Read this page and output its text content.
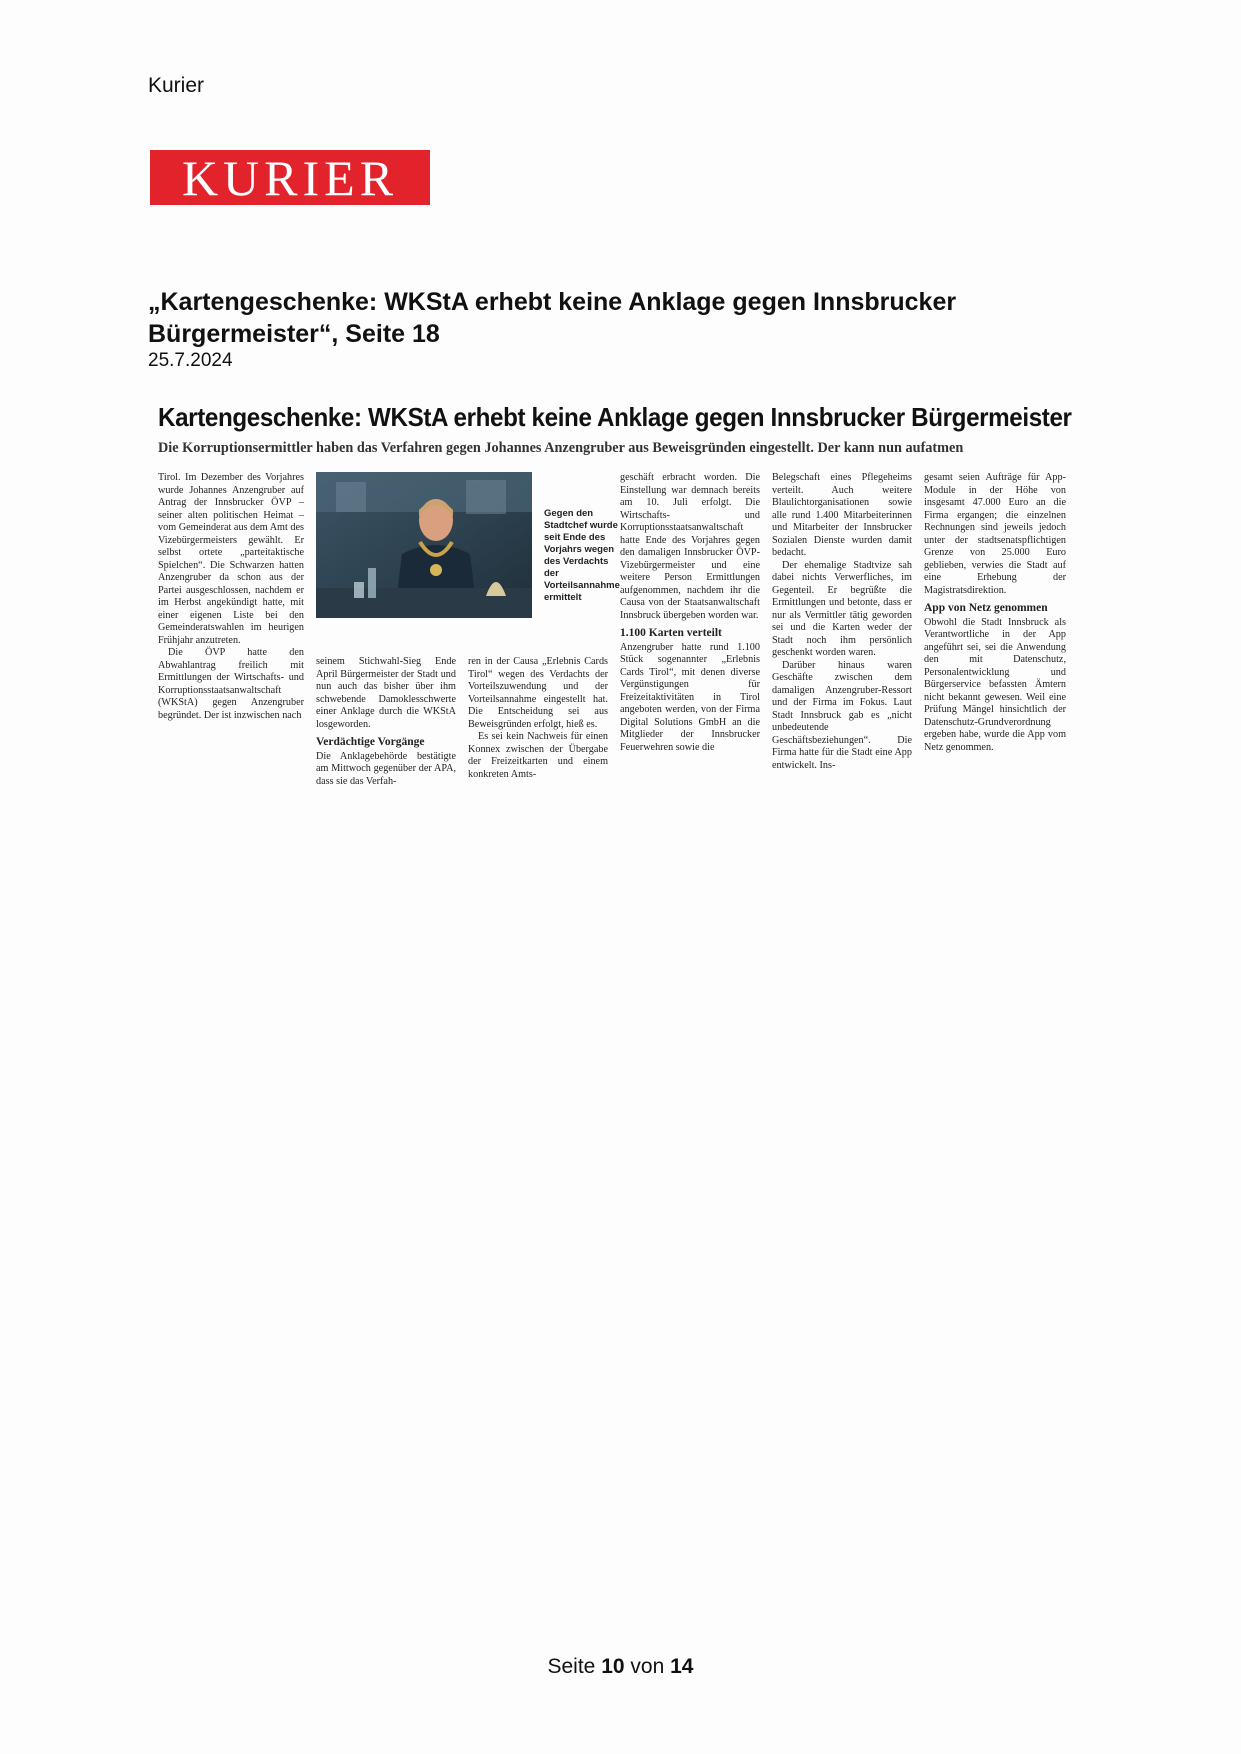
Kurier
KURIER
„Kartengeschenke: WKStA erhebt keine Anklage gegen Innsbrucker Bürgermeister“, Seite 18
25.7.2024
Kartengeschenke: WKStA erhebt keine Anklage gegen Innsbrucker Bürgermeister
Die Korruptionsermittler haben das Verfahren gegen Johannes Anzengruber aus Beweisgründen eingestellt. Der kann nun aufatmen

Tirol. Im Dezember des Vorjahres wurde Johannes Anzengruber auf Antrag der Innsbrucker ÖVP – seiner alten politischen Heimat – vom Gemeinderat aus dem Amt des Vizebürgermeisters gewählt. Er selbst ortete „parteitaktische Spielchen“. Die Schwarzen hatten Anzengruber da schon aus der Partei ausgeschlossen, nachdem er im Herbst angekündigt hatte, mit einer eigenen Liste bei den Gemeinderatswahlen im heurigen Frühjahr anzutreten.

Die ÖVP hatte den Abwahlantrag freilich mit Ermittlungen der Wirtschafts- und Korruptionsstaatsanwaltschaft (WKStA) gegen Anzengruber begründet. Der ist inzwischen nach

Gegen den Stadtchef wurde seit Ende des Vorjahrs wegen des Verdachts der Vorteilsannahme ermittelt

seinem Stichwahl-Sieg Ende April Bürgermeister der Stadt und nun auch das bisher über ihm schwebende Damoklesschwerte einer Anklage durch die WKStA losgeworden.

Verdächtige Vorgänge

Die Anklagebehörde bestätigte am Mittwoch gegenüber der APA, dass sie das Verfah-

ren in der Causa „Erlebnis Cards Tirol“ wegen des Verdachts der Vorteilszuwendung und der Vorteilsannahme eingestellt hat. Die Entscheidung sei aus Beweisgründen erfolgt, hieß es.

Es sei kein Nachweis für einen Konnex zwischen der Übergabe der Freizeitkarten und einem konkreten Amts-

geschäft erbracht worden. Die Einstellung war demnach bereits am 10. Juli erfolgt. Die Wirtschafts- und Korruptionsstaatsanwaltschaft hatte Ende des Vorjahres gegen den damaligen Innsbrucker ÖVP-Vizebürgermeister und eine weitere Person Ermittlungen aufgenommen, nachdem ihr die Causa von der Staatsanwaltschaft Innsbruck übergeben worden war.

1.100 Karten verteilt

Anzengruber hatte rund 1.100 Stück sogenannter „Erlebnis Cards Tirol“, mit denen diverse Vergünstigungen für Freizeitaktivitäten in Tirol angeboten werden, von der Firma Digital Solutions GmbH an die Mitglieder der Innsbrucker Feuerwehren sowie die

Belegschaft eines Pflegeheims verteilt. Auch weitere Blaulichtorganisationen sowie alle rund 1.400 Mitarbeiterinnen und Mitarbeiter der Innsbrucker Sozialen Dienste wurden damit bedacht.

Der ehemalige Stadtvize sah dabei nichts Verwerfliches, im Gegenteil. Er begrüßte die Ermittlungen und betonte, dass er nur als Vermittler tätig geworden sei und die Karten weder der Stadt noch ihm persönlich geschenkt worden waren.

Darüber hinaus waren Geschäfte zwischen dem damaligen Anzengruber-Ressort und der Firma im Fokus. Laut Stadt Innsbruck gab es „nicht unbedeutende Geschäftsbeziehungen“. Die Firma hatte für die Stadt eine App entwickelt. Ins-

gesamt seien Aufträge für App-Module in der Höhe von insgesamt 47.000 Euro an die Firma ergangen; die einzelnen Rechnungen sind jeweils jedoch unter der stadtsenatspflichtigen Grenze von 25.000 Euro geblieben, verwies die Stadt auf eine Erhebung der Magistratsdirektion.

App von Netz genommen

Obwohl die Stadt Innsbruck als Verantwortliche in der App angeführt sei, sei die Anwendung den mit Datenschutz, Personalentwicklung und Bürgerservice befassten Ämtern nicht bekannt gewesen. Weil eine Prüfung Mängel hinsichtlich der Datenschutz-Grundverordnung ergeben habe, wurde die App vom Netz genommen.

Seite 10 von 14
